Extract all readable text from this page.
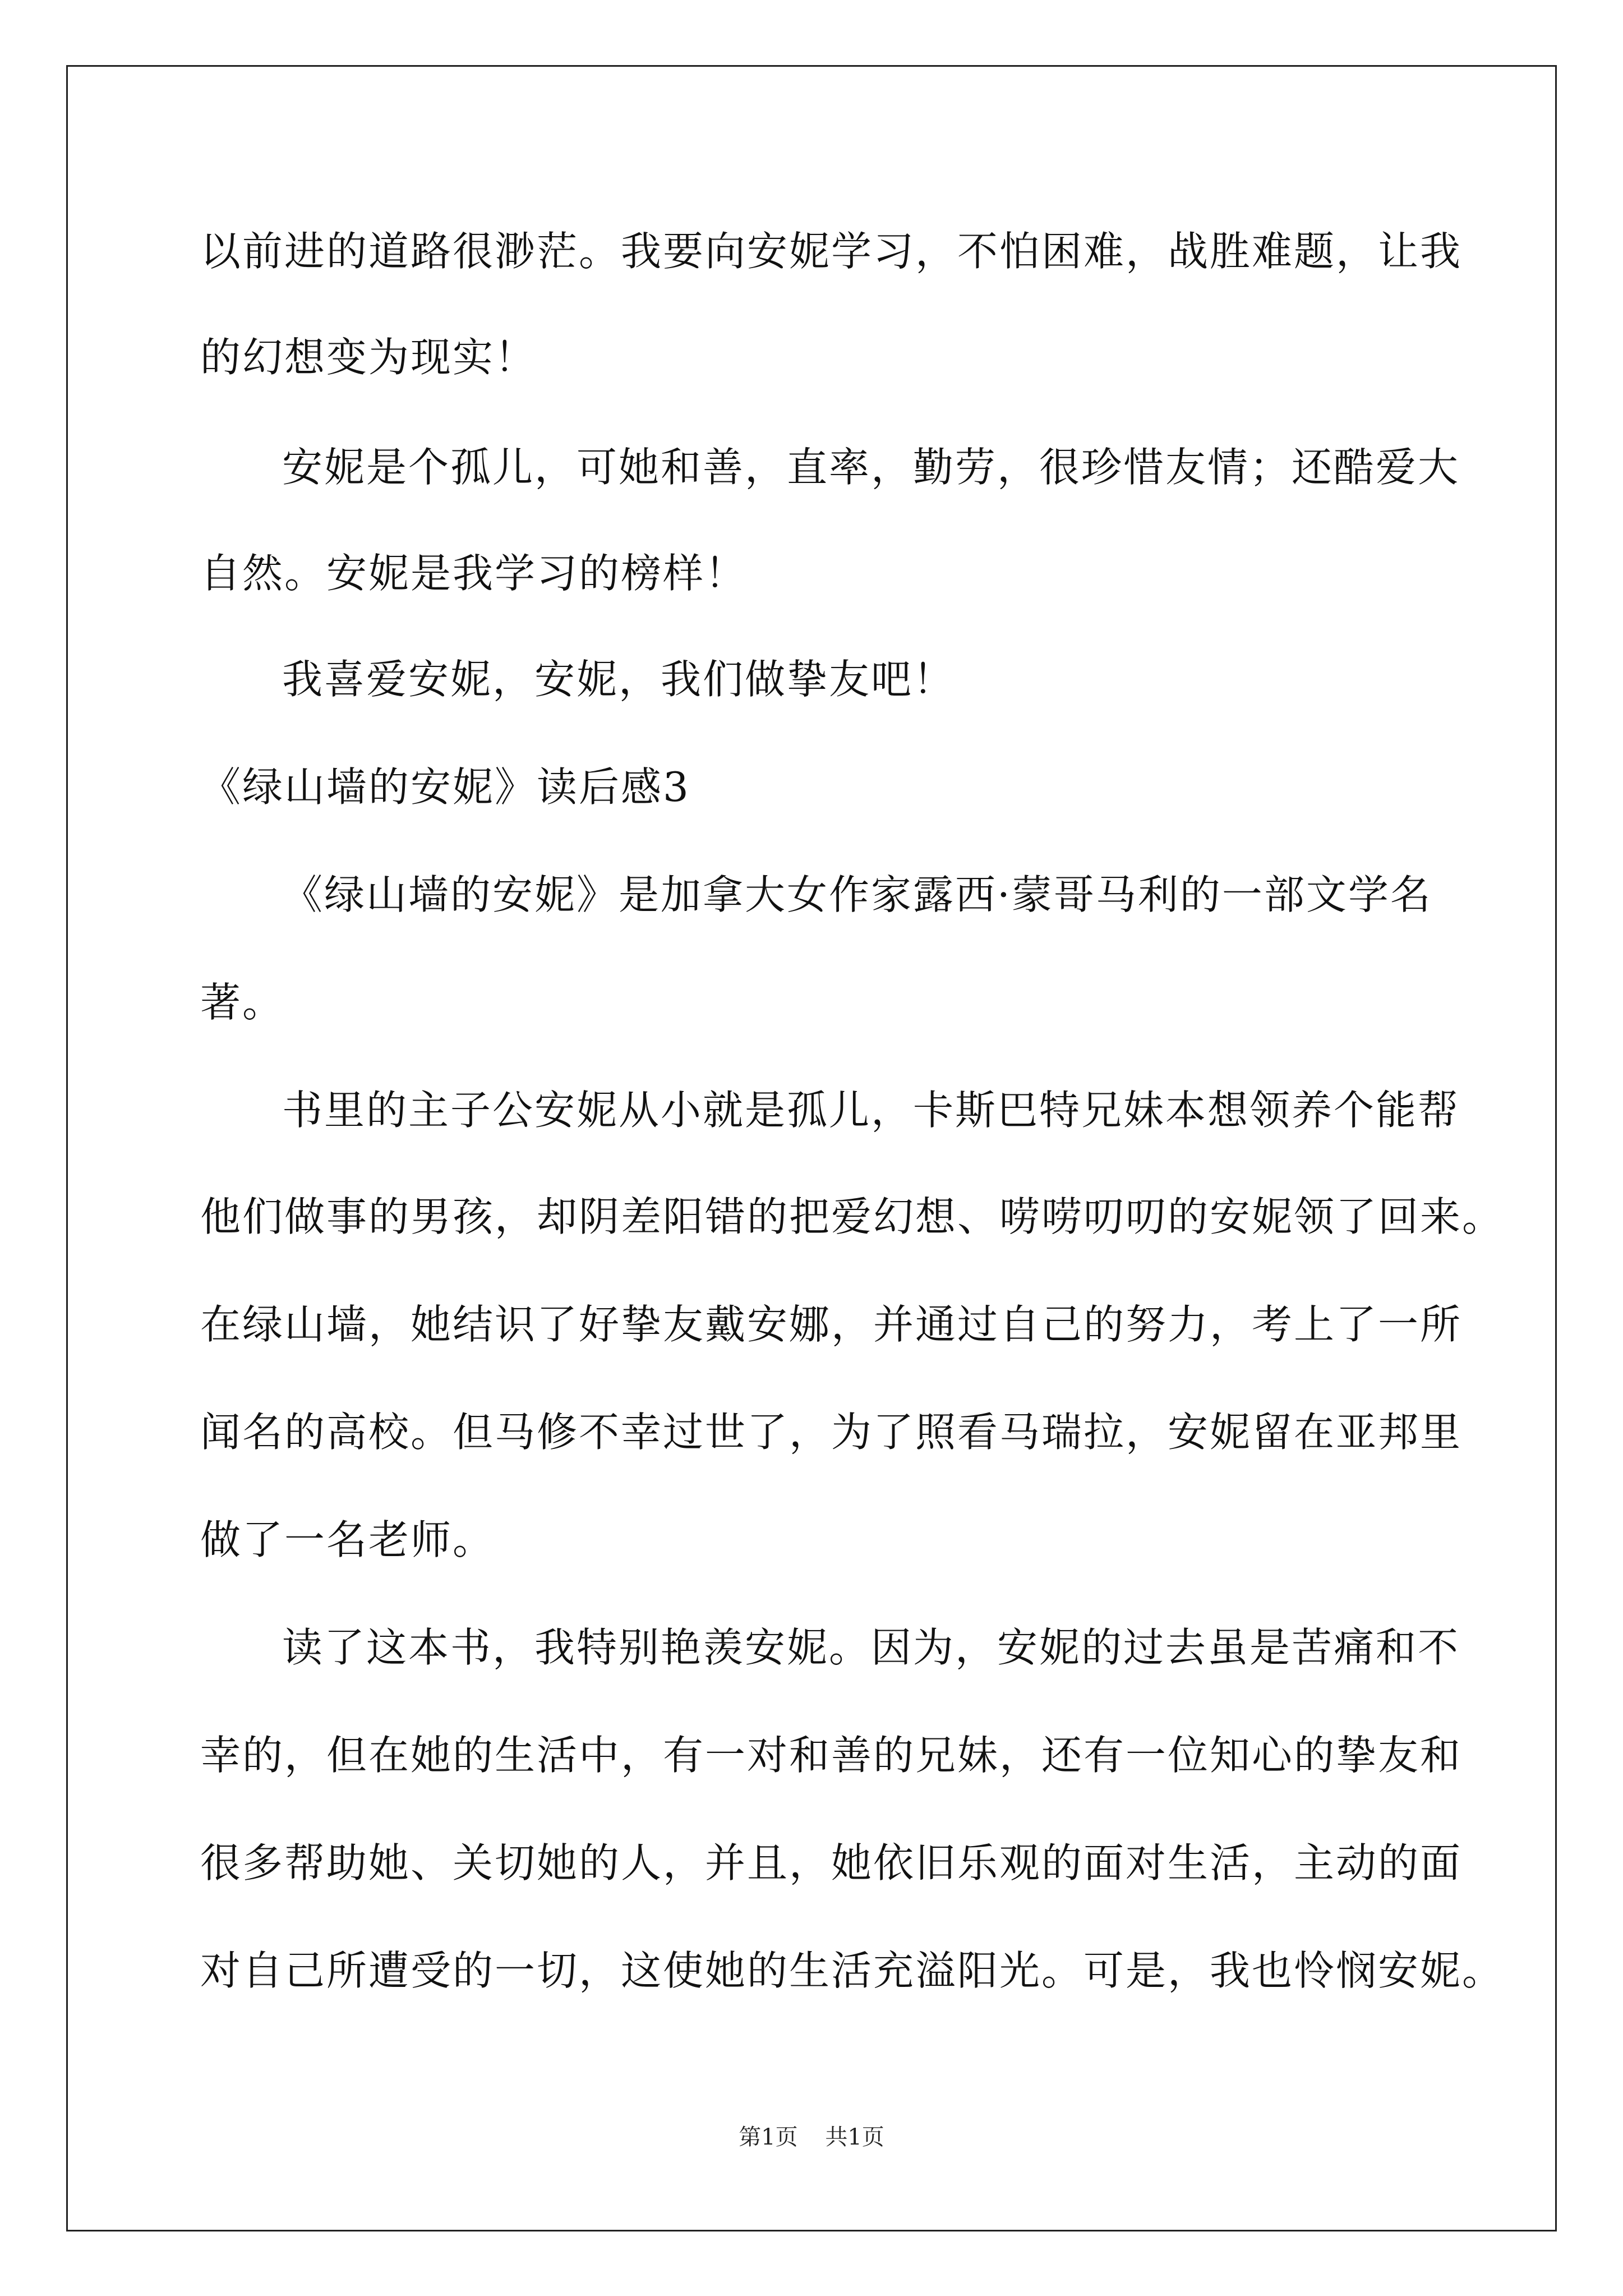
以前进的道路很渺茫。我要向安妮学习，不怕困难，战胜难题，让我
的幻想变为现实！
安妮是个孤儿，可她和善，直率，勤劳，很珍惜友情；还酷爱大
自然。安妮是我学习的榜样！
我喜爱安妮，安妮，我们做挚友吧！
《绿山墙的安妮》读后感3
《绿山墙的安妮》是加拿大女作家露西·蒙哥马利的一部文学名
著。
书里的主子公安妮从小就是孤儿，卡斯巴特兄妹本想领养个能帮
他们做事的男孩，却阴差阳错的把爱幻想、唠唠叨叨的安妮领了回来。
在绿山墙，她结识了好挚友戴安娜，并通过自己的努力，考上了一所
闻名的高校。但马修不幸过世了，为了照看马瑞拉，安妮留在亚邦里
做了一名老师。
读了这本书，我特别艳羡安妮。因为，安妮的过去虽是苦痛和不
幸的，但在她的生活中，有一对和善的兄妹，还有一位知心的挚友和
很多帮助她、关切她的人，并且，她依旧乐观的面对生活，主动的面
对自己所遭受的一切，这使她的生活充溢阳光。可是，我也怜悯安妮。
第1页 共1页
